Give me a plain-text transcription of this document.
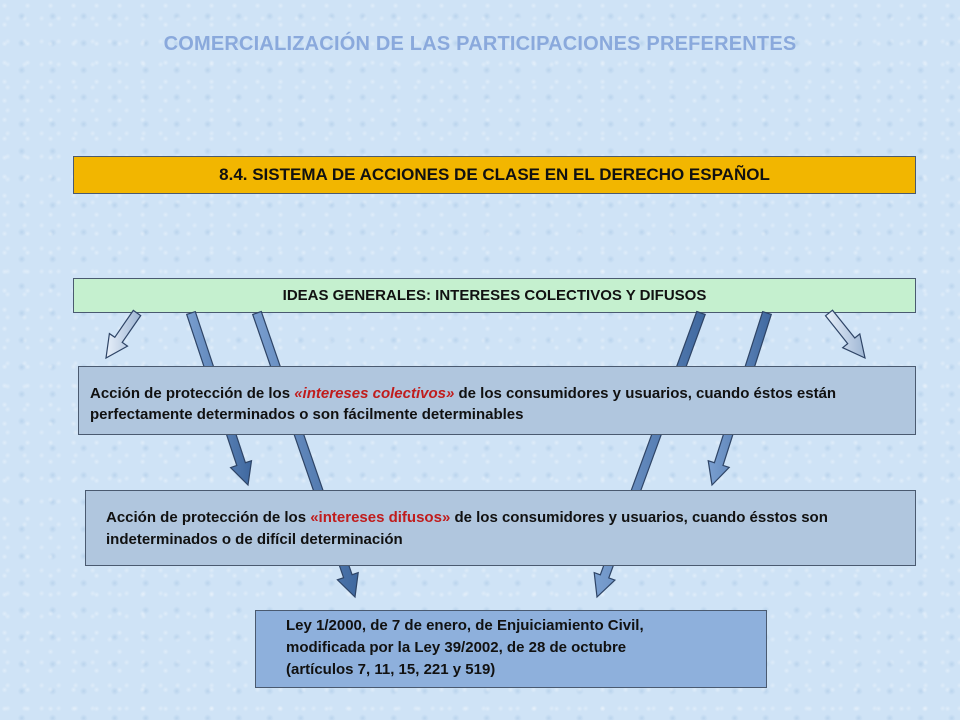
COMERCIALIZACIÓN DE LAS PARTICIPACIONES PREFERENTES
8.4. SISTEMA DE ACCIONES DE CLASE EN EL DERECHO ESPAÑOL
IDEAS GENERALES: INTERESES COLECTIVOS Y DIFUSOS
Acción de protección de los «intereses colectivos» de los consumidores y usuarios, cuando éstos están perfectamente determinados o son fácilmente determinables
Acción de protección de los «intereses difusos» de los consumidores y usuarios, cuando ésstos son indeterminados o de difícil determinación
Ley 1/2000, de 7 de enero, de Enjuiciamiento Civil,
modificada por la Ley 39/2002, de 28 de octubre
(artículos 7, 11, 15, 221 y 519)
